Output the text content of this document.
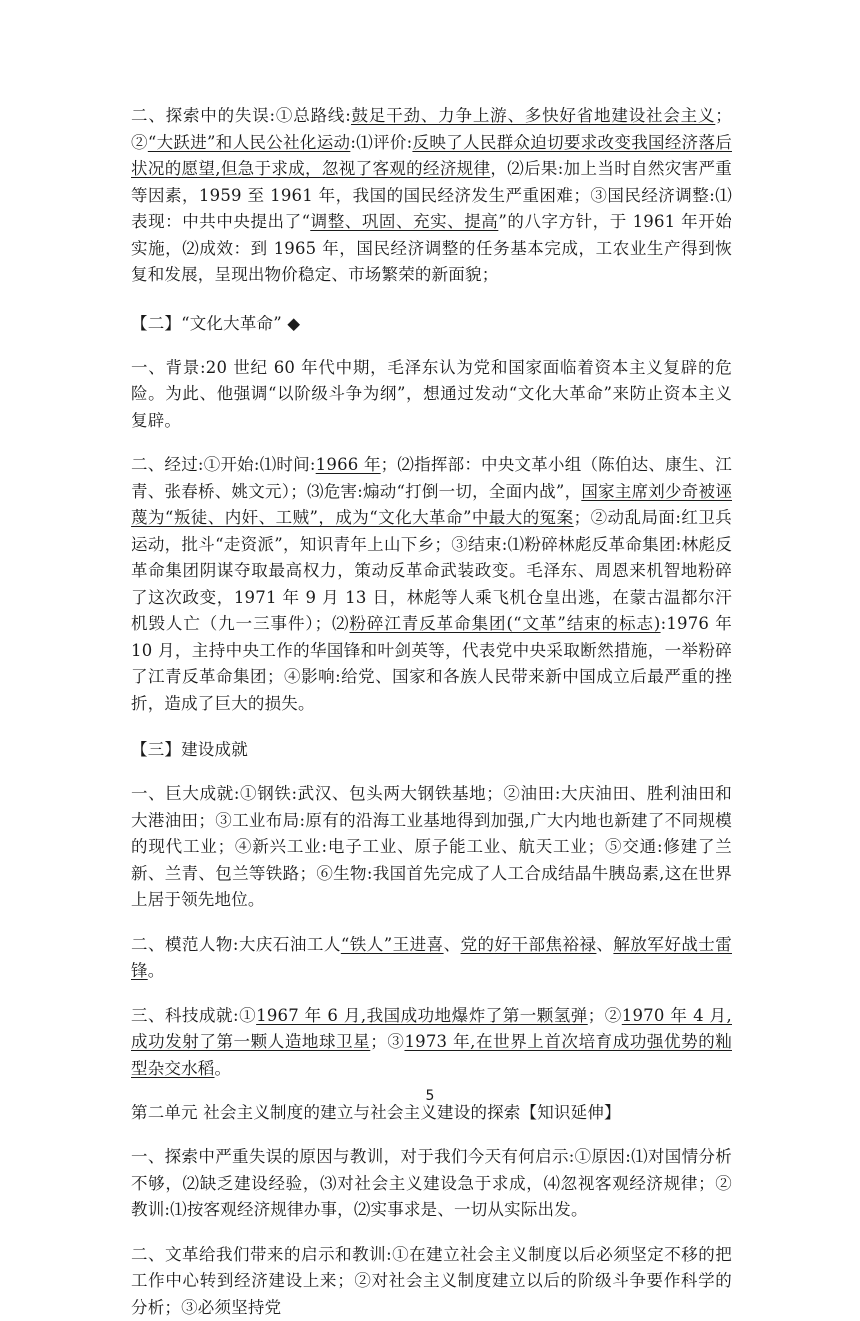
二、探索中的失误:①总路线:鼓足干劲、力争上游、多快好省地建设社会主义；②“大跃进”和人民公社化运动:⑴评价:反映了人民群众迫切要求改变我国经济落后状况的愿望,但急于求成，忽视了客观的经济规律，⑵后果:加上当时自然灾害严重等因素，1959 至 1961 年，我国的国民经济发生严重困难；③国民经济调整:⑴表现：中共中央提出了“调整、巩固、充实、提高”的八字方针，于 1961 年开始实施，⑵成效：到 1965 年，国民经济调整的任务基本完成，工农业生产得到恢复和发展，呈现出物价稳定、市场繁荣的新面貌；

【二】“文化大革命” ◆

一、背景:20 世纪 60 年代中期，毛泽东认为党和国家面临着资本主义复辟的危险。为此、他强调“以阶级斗争为纲”，想通过发动“文化大革命”来防止资本主义复辟。

二、经过:①开始:⑴时间:1966 年；⑵指挥部：中央文革小组（陈伯达、康生、江青、张春桥、姚文元）；⑶危害:煽动“打倒一切，全面内战”，国家主席刘少奇被诬蔑为“叛徒、内奸、工贼”，成为“文化大革命”中最大的冤案；②动乱局面:红卫兵运动，批斗“走资派”，知识青年上山下乡；③结束:⑴粉碎林彪反革命集团:林彪反革命集团阴谋夺取最高权力，策动反革命武装政变。毛泽东、周恩来机智地粉碎了这次政变，1971 年 9 月 13 日，林彪等人乘飞机仓皇出逃，在蒙古温都尔汗机毁人亡（九一三事件）；⑵粉碎江青反革命集团(“文革”结束的标志):1976 年 10 月，主持中央工作的华国锋和叶剑英等，代表党中央采取断然措施，一举粉碎了江青反革命集团；④影响:给党、国家和各族人民带来新中国成立后最严重的挫折，造成了巨大的损失。

【三】建设成就

一、巨大成就:①钢铁:武汉、包头两大钢铁基地；②油田:大庆油田、胜利油田和大港油田；③工业布局:原有的沿海工业基地得到加强,广大内地也新建了不同规模的现代工业；④新兴工业:电子工业、原子能工业、航天工业；⑤交通:修建了兰新、兰青、包兰等铁路；⑥生物:我国首先完成了人工合成结晶牛胰岛素,这在世界上居于领先地位。

二、模范人物:大庆石油工人“铁人”王进喜、党的好干部焦裕禄、解放军好战士雷锋。

三、科技成就:①1967 年 6 月,我国成功地爆炸了第一颗氢弹；②1970 年 4 月,成功发射了第一颗人造地球卫星；③1973 年,在世界上首次培育成功强优势的籼型杂交水稻。

第二单元 社会主义制度的建立与社会主义建设的探索【知识延伸】

一、探索中严重失误的原因与教训，对于我们今天有何启示:①原因:⑴对国情分析不够，⑵缺乏建设经验，⑶对社会主义建设急于求成，⑷忽视客观经济规律；②教训:⑴按客观经济规律办事，⑵实事求是、一切从实际出发。

二、文革给我们带来的启示和教训:①在建立社会主义制度以后必须坚定不移的把工作中心转到经济建设上来；②对社会主义制度建立以后的阶级斗争要作科学的分析；③必须坚持党

5
